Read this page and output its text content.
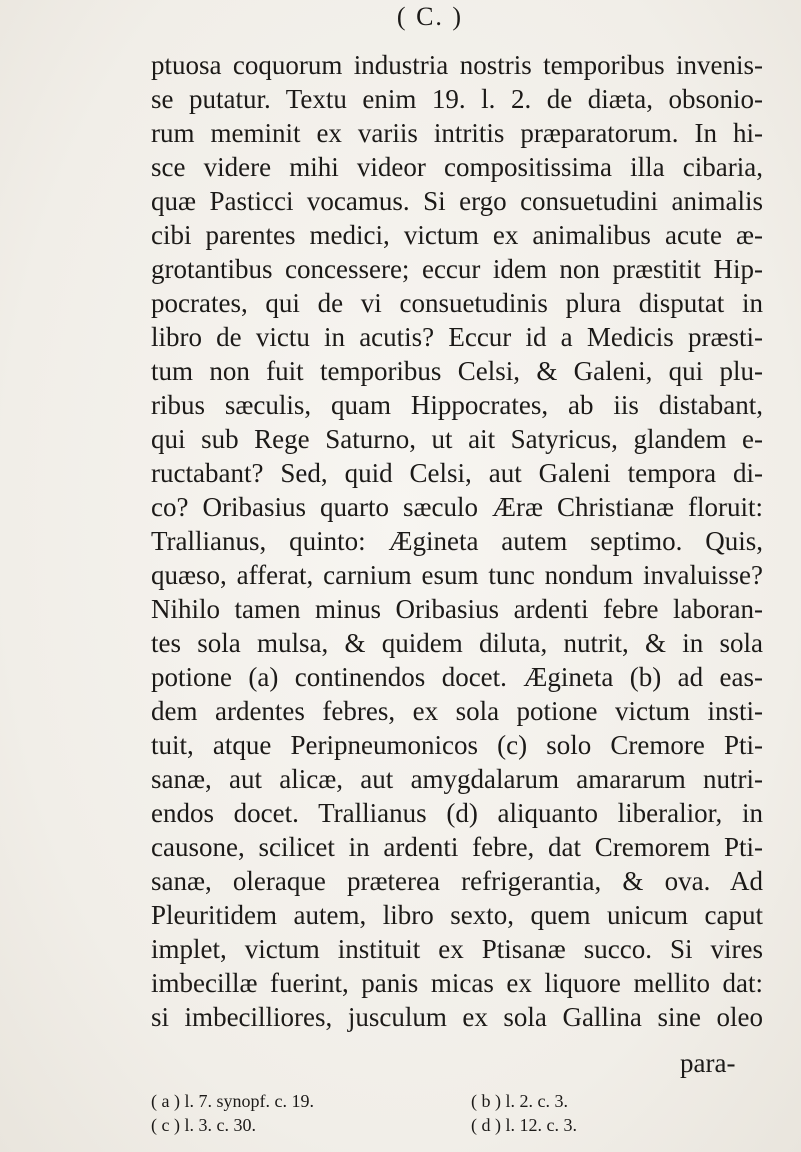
( C. )
ptuosa coquorum industria nostris temporibus invenis-
se putatur. Textu enim 19. l. 2. de diæta, obsonio-
rum meminit ex variis intritis præparatorum. In hi-
sce videre mihi videor compositissima illa cibaria,
quæ Pasticci vocamus. Si ergo consuetudini animalis
cibi parentes medici, victum ex animalibus acute æ-
grotantibus concessere; eccur idem non præstitit Hip-
pocrates, qui de vi consuetudinis plura disputat in
libro de victu in acutis? Eccur id a Medicis præsti-
tum non fuit temporibus Celsi, & Galeni, qui plu-
ribus sæculis, quam Hippocrates, ab iis distabant,
qui sub Rege Saturno, ut ait Satyricus, glandem e-
ructabant? Sed, quid Celsi, aut Galeni tempora di-
co? Oribasius quarto sæculo Æræ Christianæ floruit:
Trallianus, quinto: Ægineta autem septimo. Quis,
quæso, afferat, carnium esum tunc nondum invaluisse?
Nihilo tamen minus Oribasius ardenti febre laboran-
tes sola mulsa, & quidem diluta, nutrit, & in sola
potione (a) continendos docet. Ægineta (b) ad eas-
dem ardentes febres, ex sola potione victum insti-
tuit, atque Peripneumonicos (c) solo Cremore Pti-
sanæ, aut alicæ, aut amygdalarum amararum nutri-
endos docet. Trallianus (d) aliquanto liberalior, in
causone, scilicet in ardenti febre, dat Cremorem Pti-
sanæ, oleraque præterea refrigerantia, & ova. Ad
Pleuritidem autem, libro sexto, quem unicum caput
implet, victum instituit ex Ptisanæ succo. Si vires
imbecillæ fuerint, panis micas ex liquore mellito dat:
si imbecilliores, jusculum ex sola Gallina sine oleo
para-
( a ) l. 7. synopf. c. 19.	( b ) l. 2. c. 3.
( c ) l. 3. c. 30.	( d ) l. 12. c. 3.
